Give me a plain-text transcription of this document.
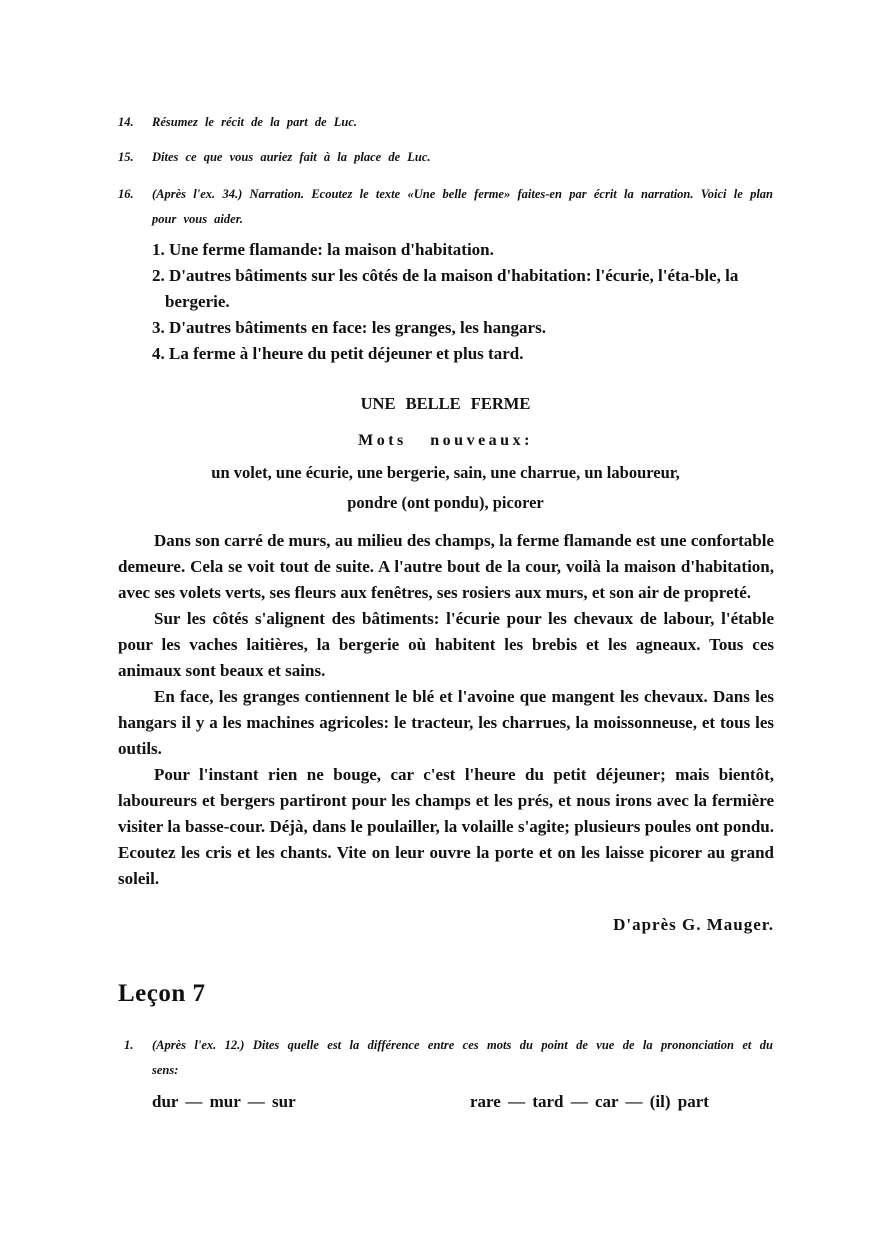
14. Résumez le récit de la part de Luc.
15. Dites ce que vous auriez fait à la place de Luc.
16. (Après l'ex. 34.) Narration. Ecoutez le texte «Une belle ferme» faites-en par écrit la narration. Voici le plan pour vous aider.

1. Une ferme flamande: la maison d'habitation.

2. D'autres bâtiments sur les côtés de la maison d'habitation: l'écurie, l'éta-ble, la bergerie.

3. D'autres bâtiments en face: les granges, les hangars.

4. La ferme à l'heure du petit déjeuner et plus tard.

UNE BELLE FERME
Mots nouveaux:
un volet, une écurie, une bergerie, sain, une charrue, un laboureur,
pondre (ont pondu), picorer

Dans son carré de murs, au milieu des champs, la ferme flamande est une confortable demeure. Cela se voit tout de suite. A l'autre bout de la cour, voilà la maison d'habitation, avec ses volets verts, ses fleurs aux fenêtres, ses rosiers aux murs, et son air de propreté.

Sur les côtés s'alignent des bâtiments: l'écurie pour les chevaux de labour, l'étable pour les vaches laitières, la bergerie où habitent les brebis et les agneaux. Tous ces animaux sont beaux et sains.

En face, les granges contiennent le blé et l'avoine que mangent les chevaux. Dans les hangars il y a les machines agricoles: le tracteur, les charrues, la moissonneuse, et tous les outils.

Pour l'instant rien ne bouge, car c'est l'heure du petit déjeuner; mais bientôt, laboureurs et bergers partiront pour les champs et les prés, et nous irons avec la fermière visiter la basse-cour. Déjà, dans le poulailler, la volaille s'agite; plusieurs poules ont pondu. Ecoutez les cris et les chants. Vite on leur ouvre la porte et on les laisse picorer au grand soleil.

D'après G. Mauger.
Leçon 7
1. (Après l'ex. 12.) Dites quelle est la différence entre ces mots du point de vue de la prononciation et du sens:
dur — mur — sur	rare — tard — car — (il) part
